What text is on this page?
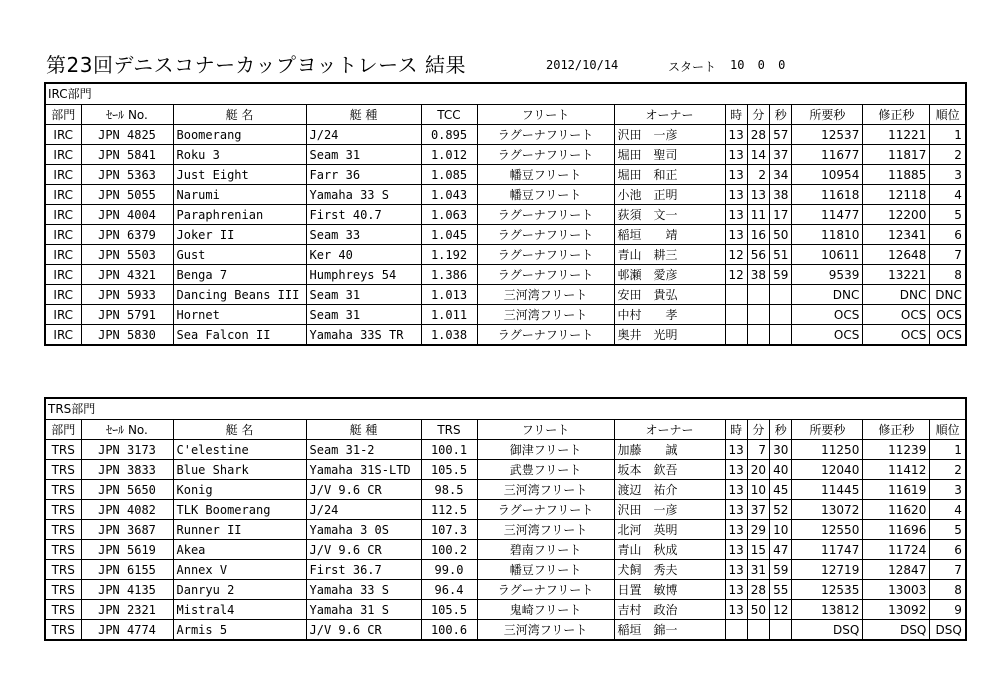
第23回デニスコナーカップヨットレース 結果	2012/10/14	スタート 10 0 0
IRC部門												
部門	ｾｰﾙ No.	艇 名	艇 種	TCC	フリート	オーナー	時	分	秒	所要秒	修正秒	順位
IRC	JPN 4825	Boomerang	J/24	0.895	ラグーナフリート	沢田　一彦	13	28	57	12537	11221	1
IRC	JPN 5841	Roku 3	Seam 31	1.012	ラグーナフリート	堀田　聖司	13	14	37	11677	11817	2
IRC	JPN 5363	Just Eight	Farr 36	1.085	幡豆フリート	堀田　和正	13	2	34	10954	11885	3
IRC	JPN 5055	Narumi	Yamaha 33 S	1.043	幡豆フリート	小池　正明	13	13	38	11618	12118	4
IRC	JPN 4004	Paraphrenian	First 40.7	1.063	ラグーナフリート	荻須　文一	13	11	17	11477	12200	5
IRC	JPN 6379	Joker II	Seam 33	1.045	ラグーナフリート	稲垣　　靖	13	16	50	11810	12341	6
IRC	JPN 5503	Gust	Ker 40	1.192	ラグーナフリート	青山　耕三	12	56	51	10611	12648	7
IRC	JPN 4321	Benga 7	Humphreys 54	1.386	ラグーナフリート	邨瀬　愛彦	12	38	59	9539	13221	8
IRC	JPN 5933	Dancing Beans III	Seam 31	1.013	三河湾フリート	安田　貴弘				DNC	DNC	DNC
IRC	JPN 5791	Hornet	Seam 31	1.011	三河湾フリート	中村　　孝				OCS	OCS	OCS
IRC	JPN 5830	Sea Falcon II	Yamaha 33S TR	1.038	ラグーナフリート	奥井　光明				OCS	OCS	OCS
TRS部門												
部門	ｾｰﾙ No.	艇 名	艇 種	TRS	フリート	オーナー	時	分	秒	所要秒	修正秒	順位
TRS	JPN 3173	C'elestine	Seam 31-2	100.1	御津フリート	加藤　　誠	13	7	30	11250	11239	1
TRS	JPN 3833	Blue Shark	Yamaha 31S-LTD	105.5	武豊フリート	坂本　欽吾	13	20	40	12040	11412	2
TRS	JPN 5650	Konig	J/V 9.6 CR	98.5	三河湾フリート	渡辺　祐介	13	10	45	11445	11619	3
TRS	JPN 4082	TLK Boomerang	J/24	112.5	ラグーナフリート	沢田　一彦	13	37	52	13072	11620	4
TRS	JPN 3687	Runner II	Yamaha 3 0S	107.3	三河湾フリート	北河　英明	13	29	10	12550	11696	5
TRS	JPN 5619	Akea	J/V 9.6 CR	100.2	碧南フリート	青山　秋成	13	15	47	11747	11724	6
TRS	JPN 6155	Annex V	First 36.7	99.0	幡豆フリート	犬飼　秀夫	13	31	59	12719	12847	7
TRS	JPN 4135	Danryu 2	Yamaha 33 S	96.4	ラグーナフリート	日置　敏博	13	28	55	12535	13003	8
TRS	JPN 2321	Mistral4	Yamaha 31 S	105.5	鬼崎フリート	吉村　政治	13	50	12	13812	13092	9
TRS	JPN 4774	Armis 5	J/V 9.6 CR	100.6	三河湾フリート	稲垣　錦一				DSQ	DSQ	DSQ
